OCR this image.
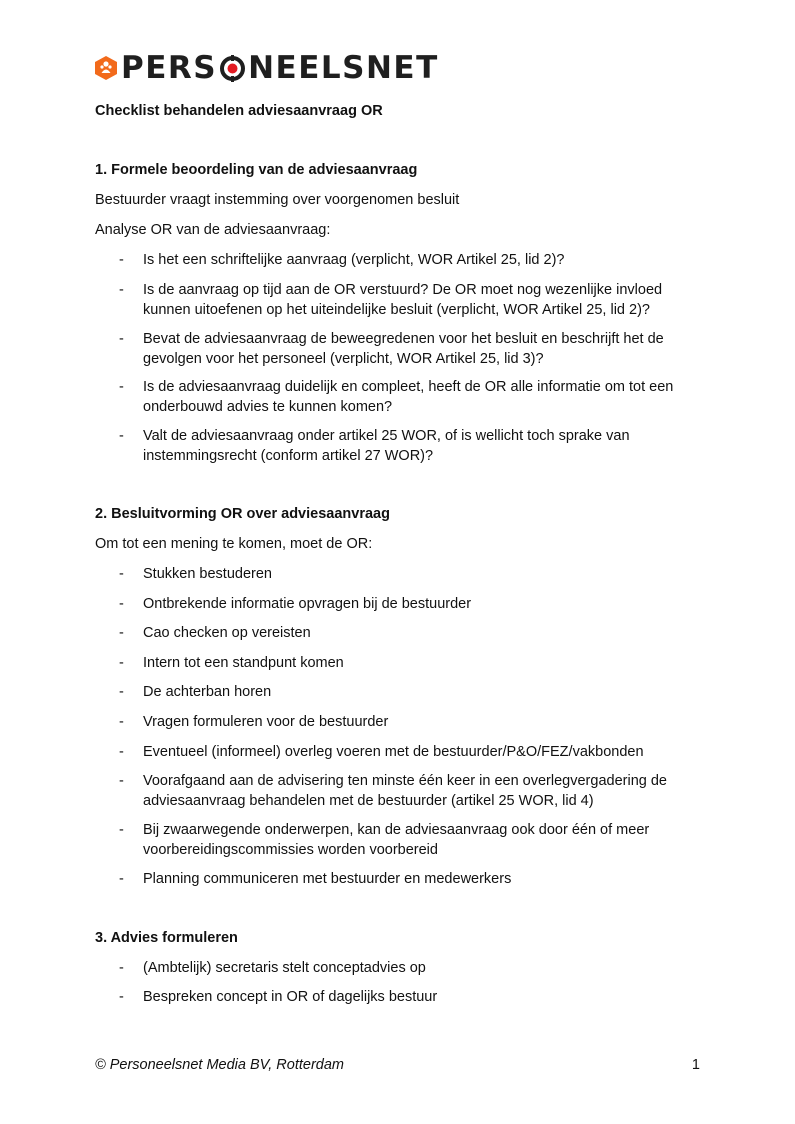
PERS NEELSNET
Checklist behandelen adviesaanvraag OR
1. Formele beoordeling van de adviesaanvraag
Bestuurder vraagt instemming over voorgenomen besluit
Analyse OR van de adviesaanvraag:
- Is het een schriftelijke aanvraag (verplicht, WOR Artikel 25, lid 2)?
- Is de aanvraag op tijd aan de OR verstuurd? De OR moet nog wezenlijke invloed
kunnen uitoefenen op het uiteindelijke besluit (verplicht, WOR Artikel 25, lid 2)?
- Bevat de adviesaanvraag de beweegredenen voor het besluit en beschrijft het de
gevolgen voor het personeel (verplicht, WOR Artikel 25, lid 3)?
- Is de adviesaanvraag duidelijk en compleet, heeft de OR alle informatie om tot een
onderbouwd advies te kunnen komen?
- Valt de adviesaanvraag onder artikel 25 WOR, of is wellicht toch sprake van
instemmingsrecht (conform artikel 27 WOR)?
2. Besluitvorming OR over adviesaanvraag
Om tot een mening te komen, moet de OR:
- Stukken bestuderen
- Ontbrekende informatie opvragen bij de bestuurder
- Cao checken op vereisten
- Intern tot een standpunt komen
- De achterban horen
- Vragen formuleren voor de bestuurder
- Eventueel (informeel) overleg voeren met de bestuurder/P&O/FEZ/vakbonden
- Voorafgaand aan de advisering ten minste één keer in een overlegvergadering de
adviesaanvraag behandelen met de bestuurder (artikel 25 WOR, lid 4)
- Bij zwaarwegende onderwerpen, kan de adviesaanvraag ook door één of meer
voorbereidingscommissies worden voorbereid
- Planning communiceren met bestuurder en medewerkers
3. Advies formuleren
- (Ambtelijk) secretaris stelt conceptadvies op
- Bespreken concept in OR of dagelijks bestuur
© Personeelsnet Media BV, Rotterdam	1
